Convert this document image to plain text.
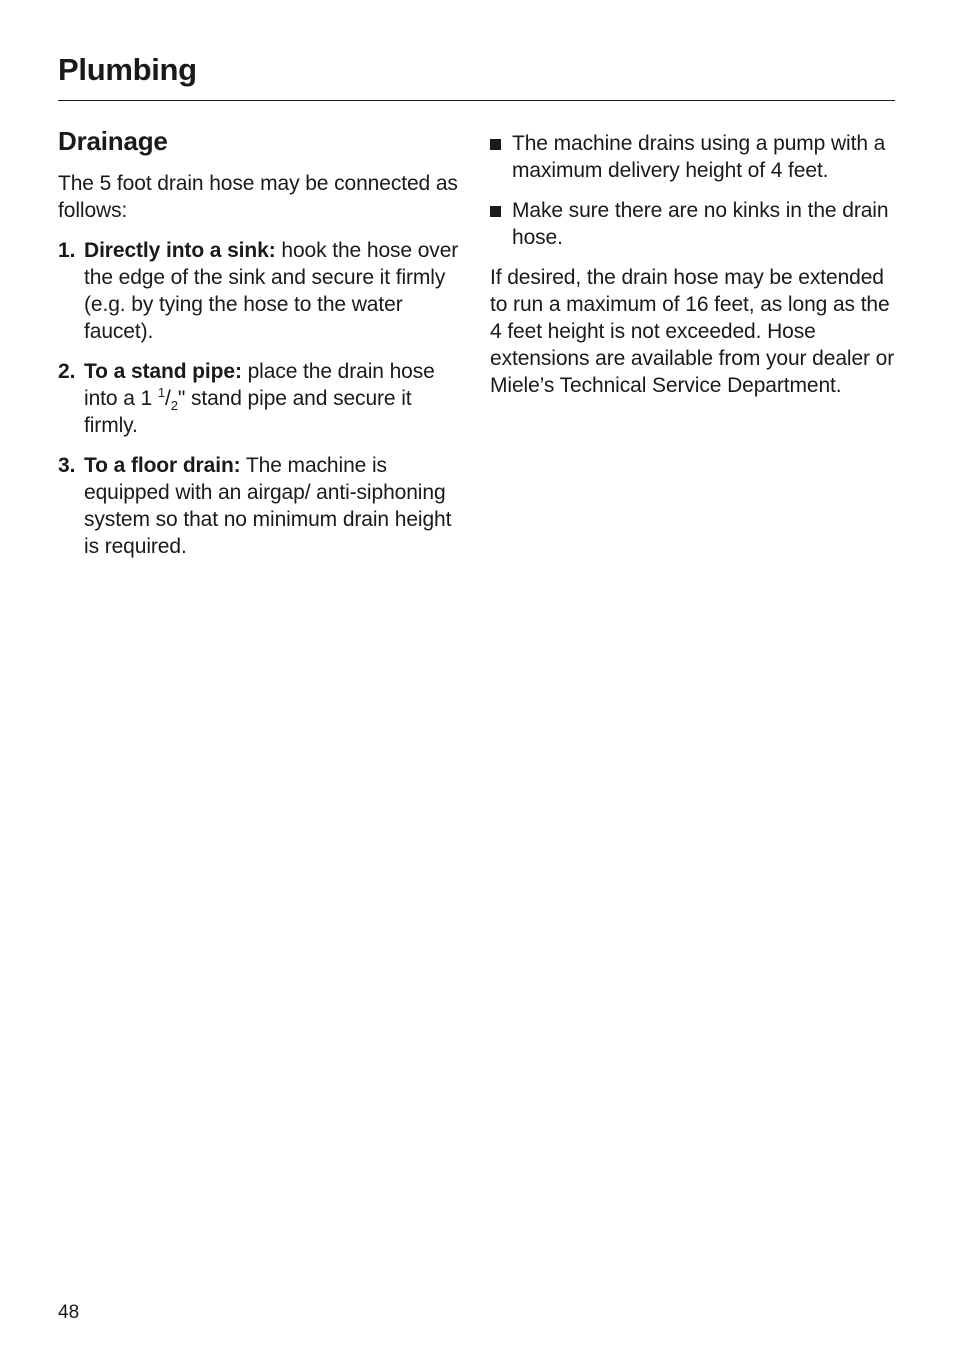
Plumbing
Drainage

The 5 foot drain hose may be connected as follows:

1. Directly into a sink: hook the hose over the edge of the sink and secure it firmly (e.g. by tying the hose to the water faucet).
2. To a stand pipe: place the drain hose into a 1 $^1/_2$" stand pipe and secure it firmly.
3. To a floor drain: The machine is equipped with an airgap/ anti-siphoning system so that no minimum drain height is required.
The machine drains using a pump with a maximum delivery height of 4 feet.
Make sure there are no kinks in the drain hose.

If desired, the drain hose may be extended to run a maximum of 16 feet, as long as the 4 feet height is not exceeded. Hose extensions are available from your dealer or Miele’s Technical Service Department.

48
